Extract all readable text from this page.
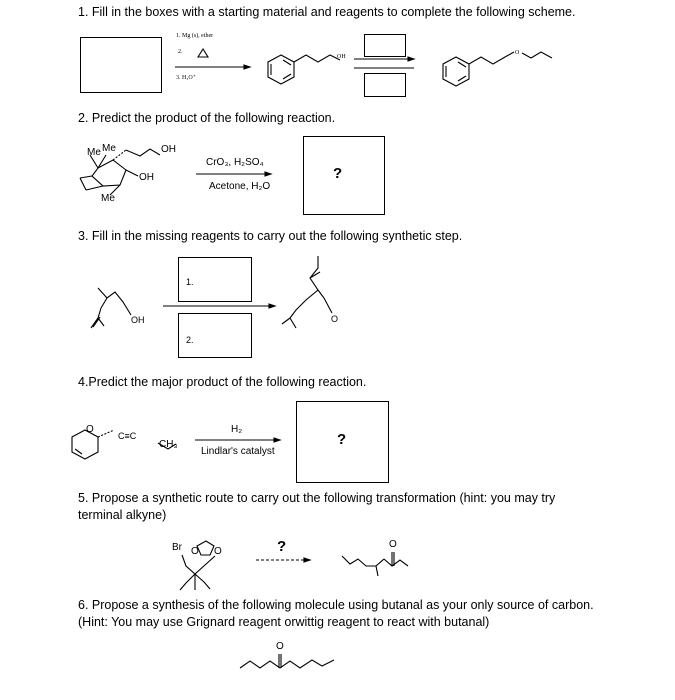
1. Fill in the boxes with a starting material and reagents to complete the following scheme.
2. Predict the product of the following reaction.
3. Fill in the missing reagents to carry out the following synthetic step.
4.Predict the major product of the following reaction.
5. Propose a synthetic route to carry out the following transformation (hint: you may try terminal alkyne)
6. Propose a synthesis of the following molecule using butanal as your only source of carbon. (Hint: You may use Grignard reagent orwittig reagent to react with butanal)
1. Mg (s), ether
2.
3. H₃O⁺
OH
O
Me Me	OH
OH
Me
CrO₃, H₂SO₄
Acetone, H₂O
?
1.
2.
OH	O
O
C≡C
CH₃
H₂
Lindlar's catalyst
?
Br O O	?	O
O
